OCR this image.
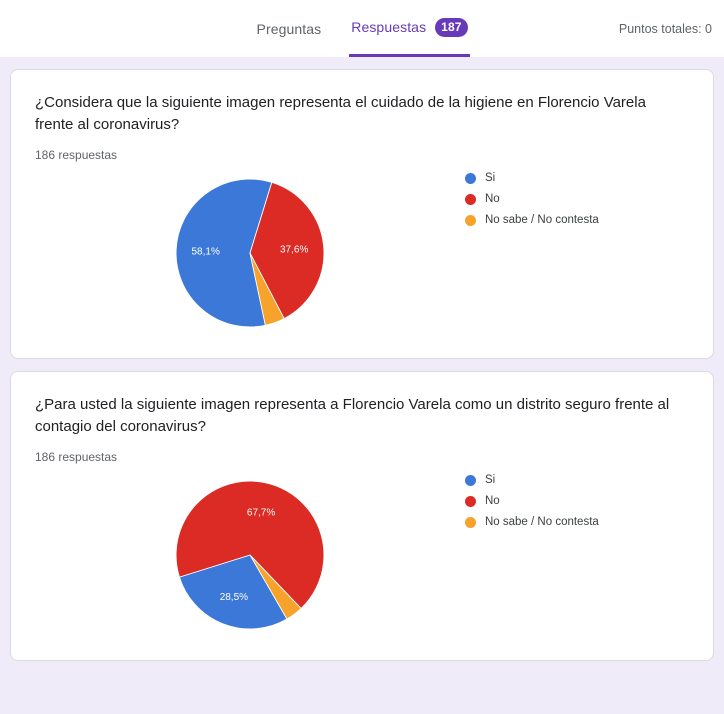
Preguntas Respuestas	187	Puntos totales: 0
¿Considera que la siguiente imagen representa el cuidado de la higiene en Florencio Varela frente al coronavirus?
186 respuestas
58,1%	37,6%
Si
No
No sabe / No contesta
¿Para usted la siguiente imagen representa a Florencio Varela como un distrito seguro frente al contagio del coronavirus?
186 respuestas
28,5%
67,7%
Si
No
No sabe / No contesta
